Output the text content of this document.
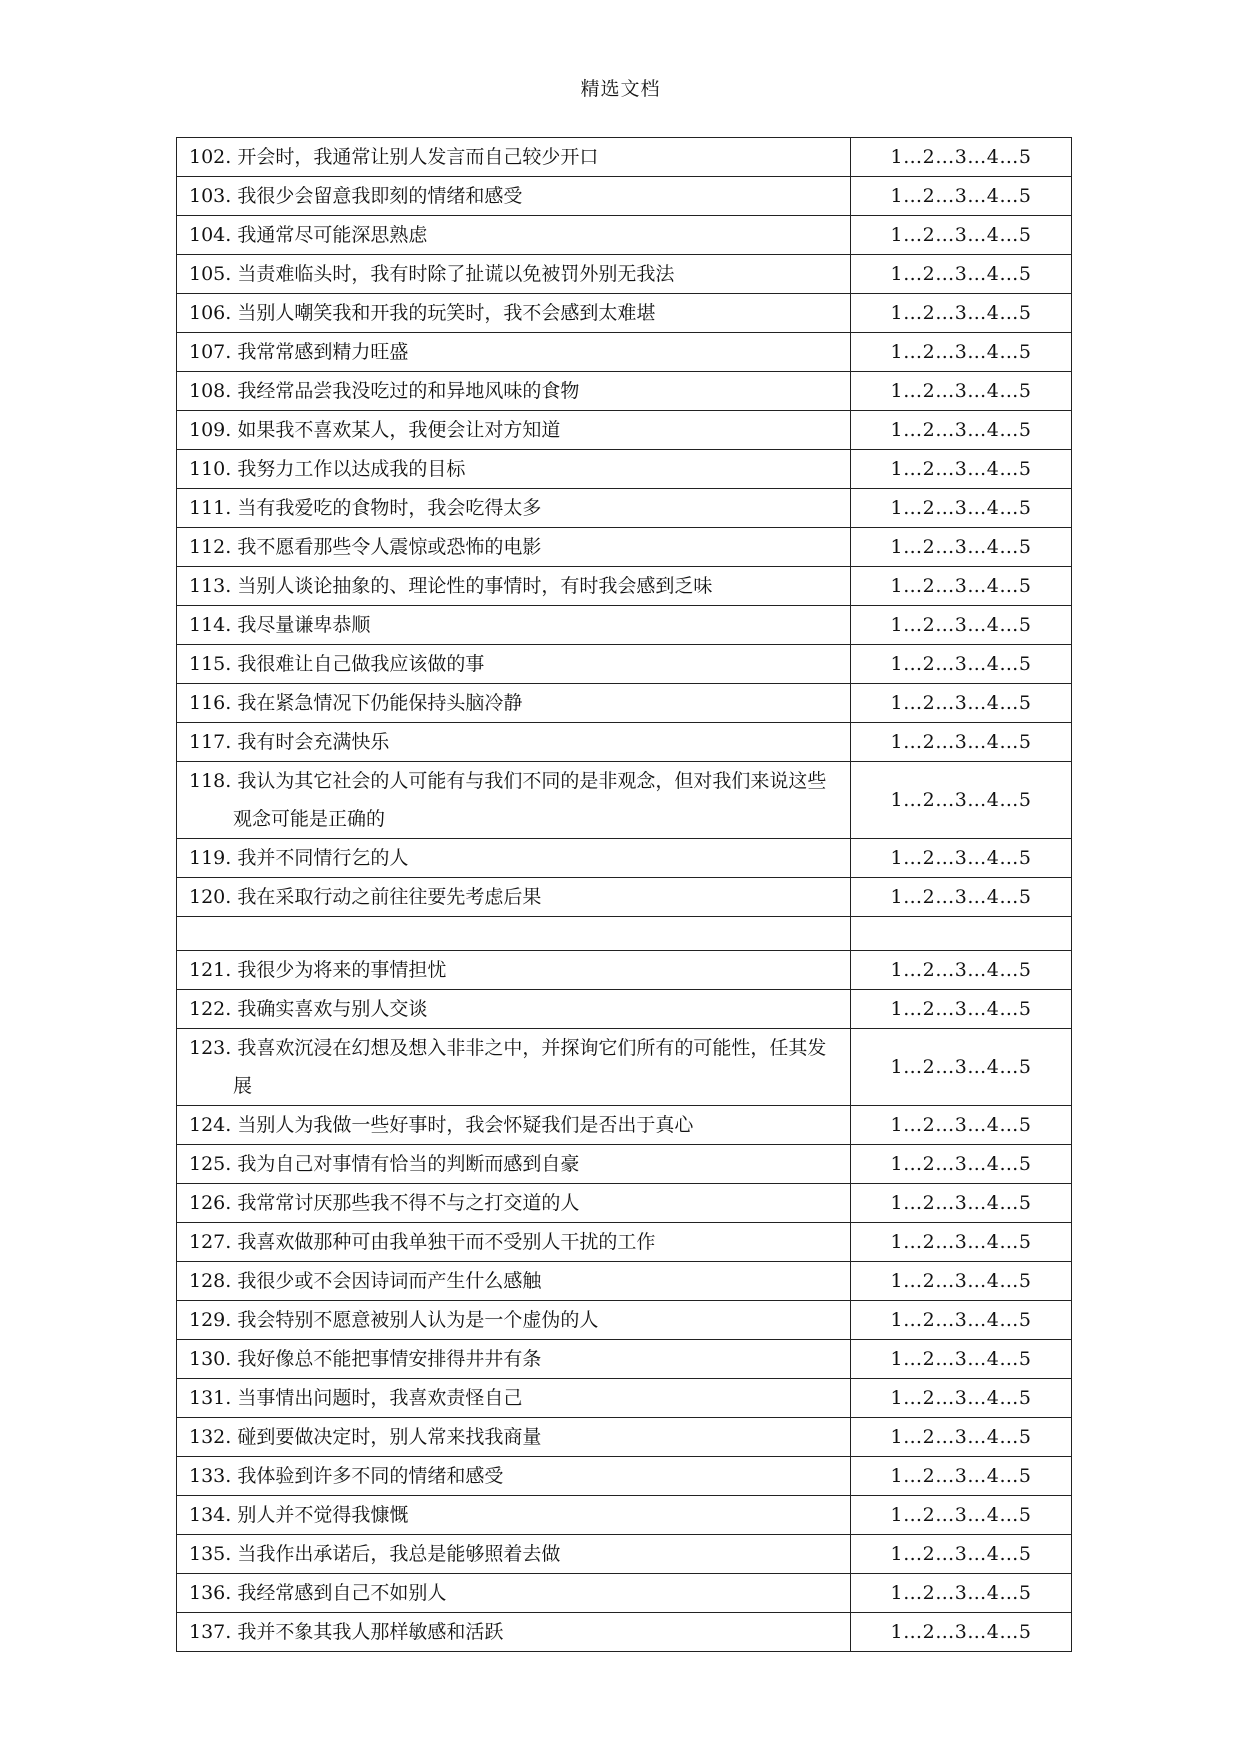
精选文档
102. 开会时，我通常让别人发言而自己较少开口	1…2…3…4…5

103. 我很少会留意我即刻的情绪和感受	1…2…3…4…5

104. 我通常尽可能深思熟虑	1…2…3…4…5

105. 当责难临头时，我有时除了扯谎以免被罚外别无我法	1…2…3…4…5

106. 当别人嘲笑我和开我的玩笑时，我不会感到太难堪	1…2…3…4…5

107. 我常常感到精力旺盛	1…2…3…4…5

108. 我经常品尝我没吃过的和异地风味的食物	1…2…3…4…5

109. 如果我不喜欢某人，我便会让对方知道	1…2…3…4…5

110. 我努力工作以达成我的目标	1…2…3…4…5

111. 当有我爱吃的食物时，我会吃得太多	1…2…3…4…5

112. 我不愿看那些令人震惊或恐怖的电影	1…2…3…4…5

113. 当别人谈论抽象的、理论性的事情时，有时我会感到乏味	1…2…3…4…5

114. 我尽量谦卑恭顺	1…2…3…4…5

115. 我很难让自己做我应该做的事	1…2…3…4…5

116. 我在紧急情况下仍能保持头脑冷静	1…2…3…4…5

117. 我有时会充满快乐	1…2…3…4…5

118. 我认为其它社会的人可能有与我们不同的是非观念，但对我们来说这些观念可能是正确的	1…2…3…4…5

119. 我并不同情行乞的人	1…2…3…4…5

120. 我在采取行动之前往往要先考虑后果	1…2…3…4…5

121. 我很少为将来的事情担忧	1…2…3…4…5

122. 我确实喜欢与别人交谈	1…2…3…4…5

123. 我喜欢沉浸在幻想及想入非非之中，并探询它们所有的可能性，任其发展	1…2…3…4…5

124. 当别人为我做一些好事时，我会怀疑我们是否出于真心	1…2…3…4…5

125. 我为自己对事情有恰当的判断而感到自豪	1…2…3…4…5

126. 我常常讨厌那些我不得不与之打交道的人	1…2…3…4…5

127. 我喜欢做那种可由我单独干而不受别人干扰的工作	1…2…3…4…5

128. 我很少或不会因诗词而产生什么感触	1…2…3…4…5

129. 我会特别不愿意被别人认为是一个虚伪的人	1…2…3…4…5

130. 我好像总不能把事情安排得井井有条	1…2…3…4…5

131. 当事情出问题时，我喜欢责怪自己	1…2…3…4…5

132. 碰到要做决定时，别人常来找我商量	1…2…3…4…5

133. 我体验到许多不同的情绪和感受	1…2…3…4…5

134. 别人并不觉得我慷慨	1…2…3…4…5

135. 当我作出承诺后，我总是能够照着去做	1…2…3…4…5

136. 我经常感到自己不如别人	1…2…3…4…5

137. 我并不象其我人那样敏感和活跃	1…2…3…4…5
